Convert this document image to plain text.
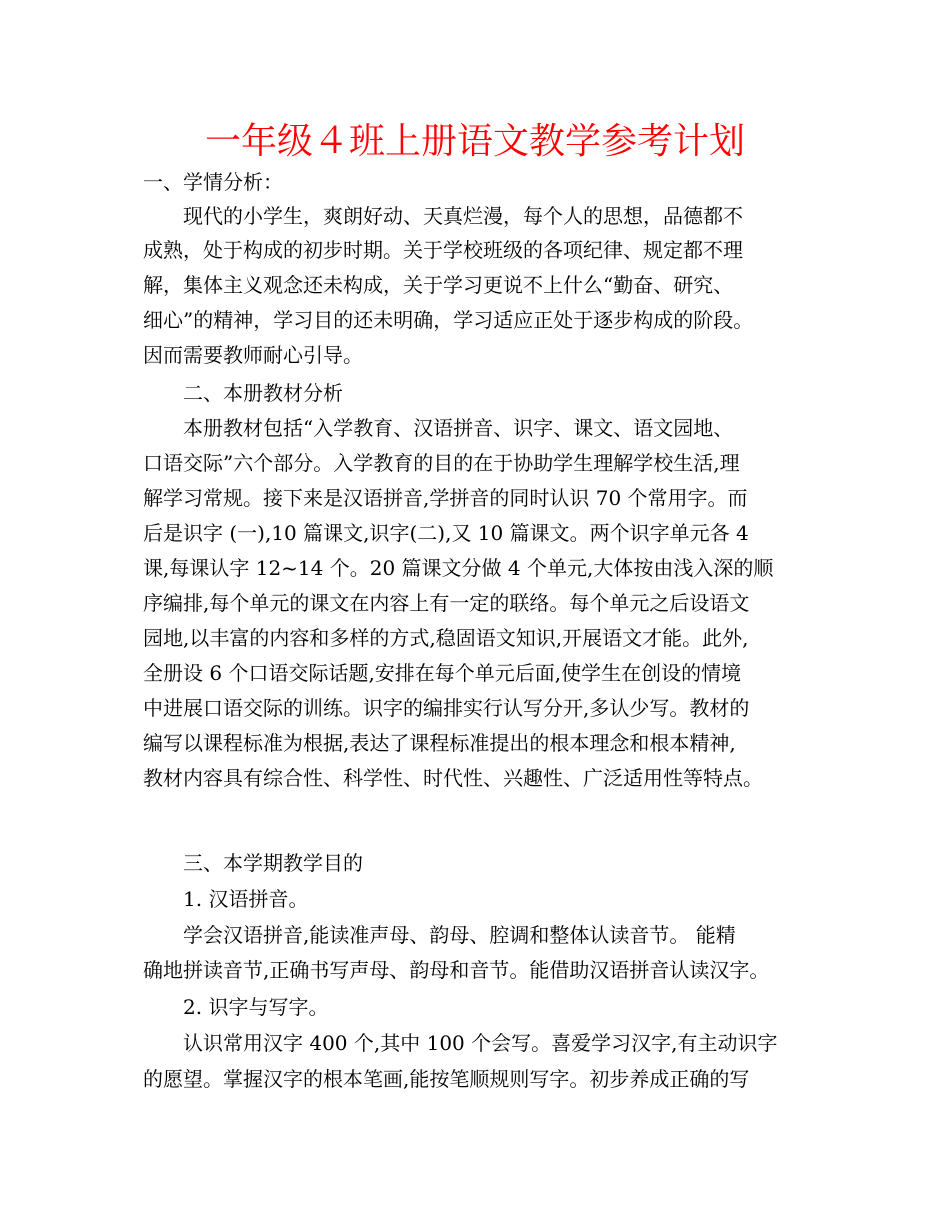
一年级４班上册语文教学参考计划
一、学情分析：
现代的小学生，爽朗好动、天真烂漫，每个人的思想，品德都不
成熟，处于构成的初步时期。关于学校班级的各项纪律、规定都不理
解，集体主义观念还未构成，关于学习更说不上什么“勤奋、研究、
细心”的精神，学习目的还未明确，学习适应正处于逐步构成的阶段。
因而需要教师耐心引导。
二、本册教材分析
本册教材包括“入学教育、汉语拼音、识字、课文、语文园地、
口语交际”六个部分。入学教育的目的在于协助学生理解学校生活,理
解学习常规。接下来是汉语拼音,学拼音的同时认识 70 个常用字。而
后是识字 (一),10 篇课文,识字(二),又 10 篇课文。两个识字单元各 4
课,每课认字 12~14 个。20 篇课文分做 4 个单元,大体按由浅入深的顺
序编排,每个单元的课文在内容上有一定的联络。每个单元之后设语文
园地,以丰富的内容和多样的方式,稳固语文知识,开展语文才能。此外,
全册设 6 个口语交际话题,安排在每个单元后面,使学生在创设的情境
中进展口语交际的训练。识字的编排实行认写分开,多认少写。教材的
编写以课程标准为根据,表达了课程标准提出的根本理念和根本精神,
教材内容具有综合性、科学性、时代性、兴趣性、广泛适用性等特点。
三、本学期教学目的
1. 汉语拼音。
学会汉语拼音,能读准声母、韵母、腔调和整体认读音节。 能精
确地拼读音节,正确书写声母、韵母和音节。能借助汉语拼音认读汉字。
2. 识字与写字。
认识常用汉字 400 个,其中 100 个会写。喜爱学习汉字,有主动识字
的愿望。掌握汉字的根本笔画,能按笔顺规则写字。初步养成正确的写
